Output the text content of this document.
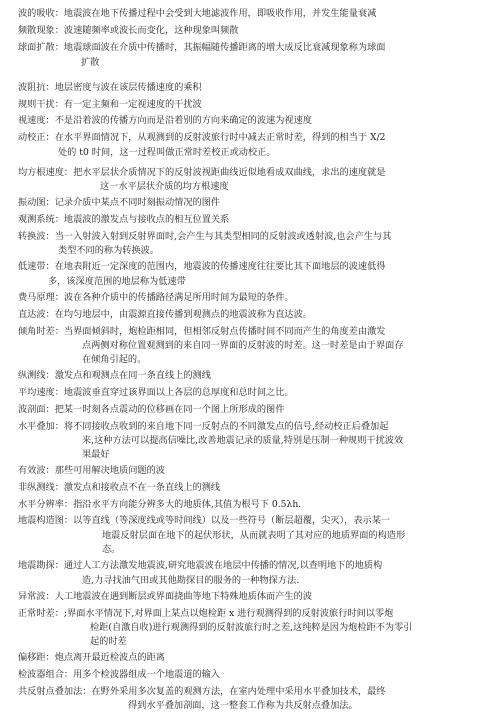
波的吸收：地震波在地下传播过程中会受到大地滤波作用，即吸收作用，并发生能量衰减
频散现象：波速随频率或波长而变化，这种现象叫频散
球面扩散：地震球面波在介质中传播时，其振幅随传播距离的增大成反比衰减现象称为球面
扩散
波阻抗：地层密度与波在该层传播速度的乘积
规则干扰：有一定主频和一定视速度的干扰波
视速度：不是沿着波的传播方向而是沿着别的方向来确定的波速为视速度
动校正：在水平界面情况下，从观测到的反射波旅行时中减去正常时差，得到的相当于 X/2
处的 t0 时间，这一过程叫做正常时差校正或动校正。
均方根速度：把水平层状介质情况下的反射波视距曲线近似地看成双曲线，求出的速度就是
这一水平层状介质的均方根速度
振动图：记录介质中某点不同时刻振动情况的图件
观测系统：地震波的激发点与接收点的相互位置关系
转换波：当一入射波入射到反射界面时,会产生与其类型相同的反射波或透射波,也会产生与其
类型不同的称为转换波。
低速带：在地表附近一定深度的范围内，地震波的传播速度往往要比其下面地层的波速低得
多，该深度范围的地层称为低速带
费马原理：波在各种介质中的传播路径满足所用时间为最短的条件。
直达波：在均匀地层中，由震源直接传播到观测点的地震波称为直达波。
倾角时差：当界面倾斜时，炮检距相同，但相邻反射点传播时间不同而产生的角度差由激发
点两侧对称位置观测到的来自同一界面的反射波的时差。这一时差是由于界面存
在倾角引起的。
纵测线：激发点和观测点在同一条直线上的测线
平均速度：地震波垂直穿过该界面以上各层的总厚度和总时间之比。
波剖面：把某一时刻各点震动的位移画在同一个图上所形成的图件
水平叠加：将不同接收点收到的来自地下同一反射点的不同激发点的信号,经动校正后叠加起
来,这种方法可以提高信噪比,改善地震记录的质量,特别是压制一种规则干扰波效
果最好
有效波：那些可用解决地质问题的波
非纵测线：激发点和接收点不在一条直线上的测线
水平分辨率：指沿水平方向能分辨多大的地质体,其值为根号下 0.5λh.
地震构造图：以等直线（等深度线或等时间线）以及一些符号（断层超覆，尖灭），表示某一
地震反射层面在地下的起伏形状，从而就表明了其对应的地质界面的构造形
态。
地震勘探：通过人工方法激发地震波,研究地震波在地层中传播的情况,以查明地下的地质构
造,力寻找油气田或其他勘探目的服务的一种物探方法.
异常波：人工地震波在遇到断层或界面挠曲等地下特殊地质体而产生的波
正常时差：;界面水平情况下,对界面上某点以炮检距 x 进行观测得到的反射波旅行时间以零炮
检距(自激自收)进行观测得到的反射波旅行时之差,这纯粹是因为炮检距不为零引
起的时差
偏移距：炮点离开最近检波点的距离
检波器组合：用多个检波器组成一个地震道的输入
共反射点叠加法：在野外采用多次复盖的观测方法，在室内处理中采用水平叠加技术，最终
得到水平叠加剖面，这一整套工作称为共反射点叠加法。
